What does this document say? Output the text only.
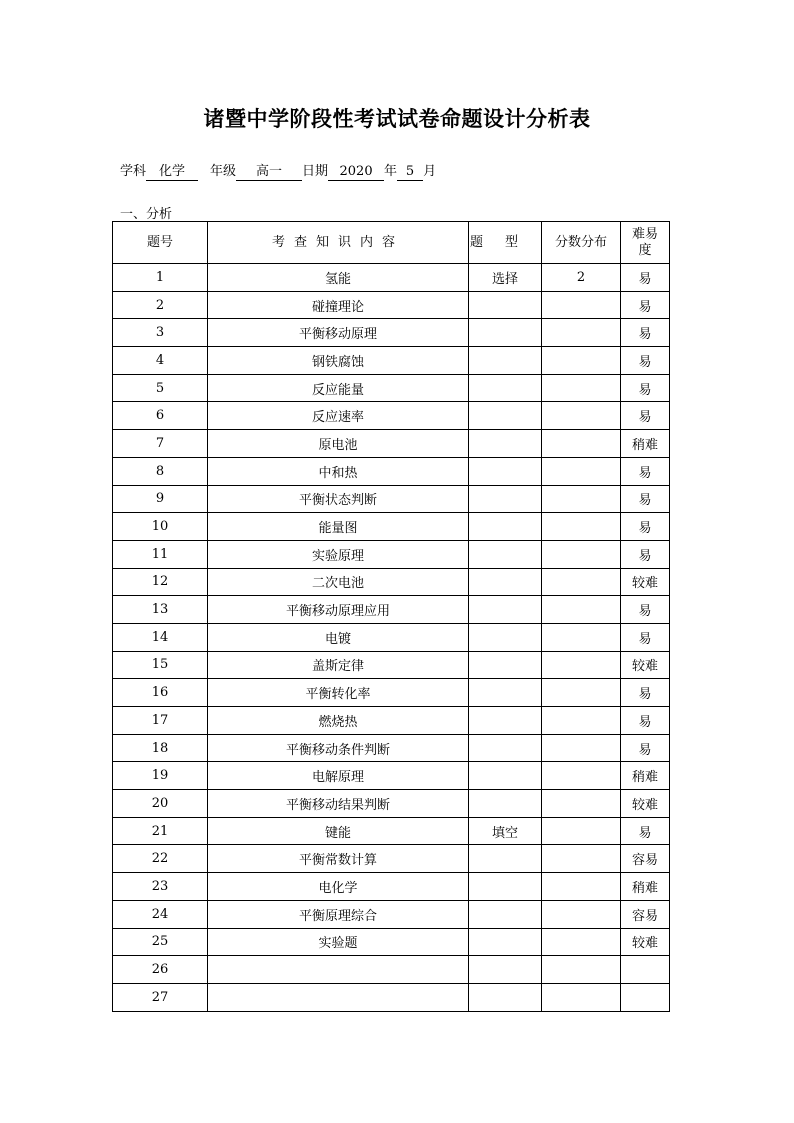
诸暨中学阶段性考试试卷命题设计分析表
学科 化学 年级 高一 日期 2020 年 5 月
一、分析
题号	考查知识内容	题型	分数分布	难易度
1	氢能	选择	2	易
2	碰撞理论			易
3	平衡移动原理			易
4	钢铁腐蚀			易
5	反应能量			易
6	反应速率			易
7	原电池			稍难
8	中和热			易
9	平衡状态判断			易
10	能量图			易
11	实验原理			易
12	二次电池			较难
13	平衡移动原理应用			易
14	电镀			易
15	盖斯定律			较难
16	平衡转化率			易
17	燃烧热			易
18	平衡移动条件判断			易
19	电解原理			稍难
20	平衡移动结果判断			较难
21	键能	填空		易
22	平衡常数计算			容易
23	电化学			稍难
24	平衡原理综合			容易
25	实验题			较难
26				
27				
